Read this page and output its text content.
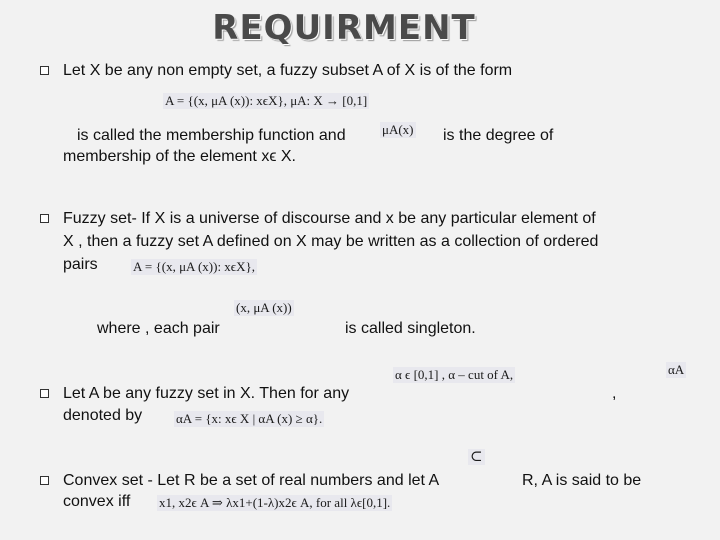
REQUIRMENT
Let X be any non empty set, a fuzzy subset A of X is of the form
A = {(x, μA (x)): xϵX}, μA: X → [0,1]
is called the membership function and	μA(x) is the degree of
membership of the element xϵ X.
Fuzzy set- If X is a universe of discourse and x be any particular element of
X , then a fuzzy set A defined on X may be written as a collection of ordered
pairs	A = {(x, μA (x)): xϵX},
(x, μA (x))
where , each pair	is called singleton.
α ϵ [0,1] , α – cut of A,	αA
Let A be any fuzzy set in X. Then for any	,
denoted by	αA = {x: xϵ X | αA (x) ≥ α}.
⊂
Convex set - Let R be a set of real numbers and let A	R, A is said to be
convex iff x1, x2ϵ A ⇒ λx1+(1-λ)x2ϵ A, for all λϵ[0,1].
